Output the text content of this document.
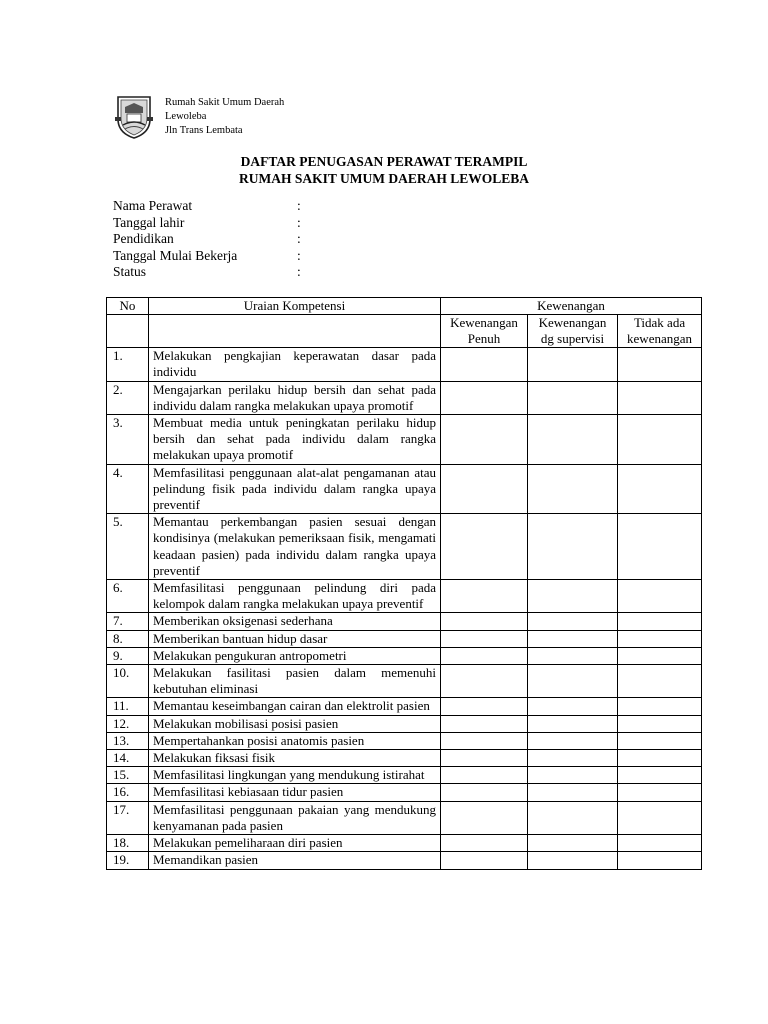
Rumah Sakit Umum Daerah
Lewoleba
Jln Trans Lembata
DAFTAR PENUGASAN PERAWAT TERAMPIL
RUMAH SAKIT UMUM DAERAH LEWOLEBA
Nama Perawat	:
Tanggal lahir	:
Pendidikan	:
Tanggal Mulai Bekerja	:
Status	:
No	Uraian Kompetensi	Kewenangan		
		Kewenangan Penuh	Kewenangan dg supervisi	Tidak ada kewenangan
1.	Melakukan pengkajian keperawatan dasar pada individu			
2.	Mengajarkan perilaku hidup bersih dan sehat pada individu dalam rangka melakukan upaya promotif			
3.	Membuat media untuk peningkatan perilaku hidup bersih dan sehat pada individu dalam rangka melakukan upaya promotif			
4.	Memfasilitasi penggunaan alat-alat pengamanan atau pelindung fisik pada individu dalam rangka upaya preventif			
5.	Memantau perkembangan pasien sesuai dengan kondisinya (melakukan pemeriksaan fisik, mengamati keadaan pasien) pada individu dalam rangka upaya preventif			
6.	Memfasilitasi penggunaan pelindung diri pada kelompok dalam rangka melakukan upaya preventif			
7.	Memberikan oksigenasi sederhana			
8.	Memberikan bantuan hidup dasar			
9.	Melakukan pengukuran antropometri			
10.	Melakukan fasilitasi pasien dalam memenuhi kebutuhan eliminasi			
11.	Memantau keseimbangan cairan dan elektrolit pasien			
12.	Melakukan mobilisasi posisi pasien			
13.	Mempertahankan posisi anatomis pasien			
14.	Melakukan fiksasi fisik			
15.	Memfasilitasi lingkungan yang mendukung istirahat			
16.	Memfasilitasi kebiasaan tidur pasien			
17.	Memfasilitasi penggunaan pakaian yang mendukung kenyamanan pada pasien			
18.	Melakukan pemeliharaan diri pasien			
19.	Memandikan pasien			
